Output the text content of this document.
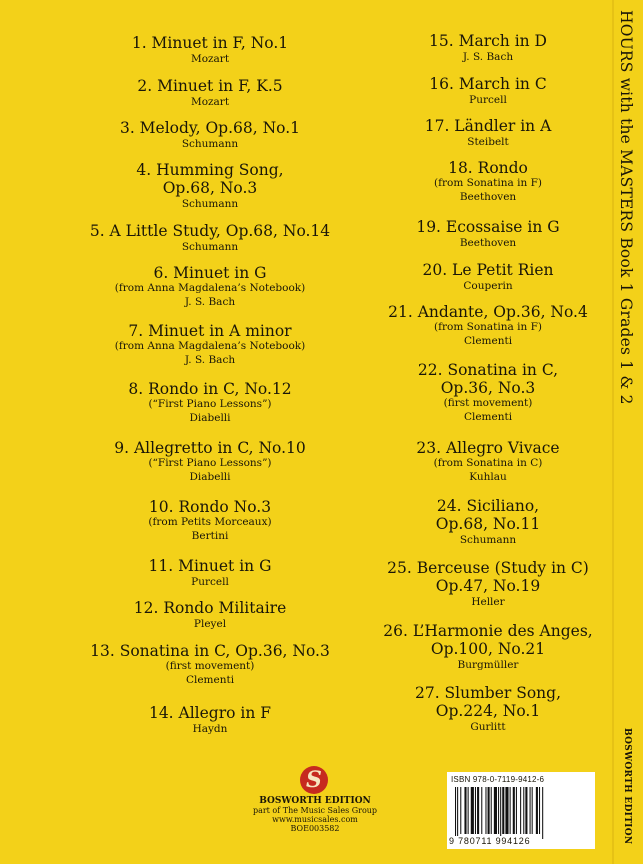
1. Minuet in F, No.1
Mozart
2. Minuet in F, K.5
Mozart
3. Melody, Op.68, No.1
Schumann
4. Humming Song,
Op.68, No.3
Schumann
5. A Little Study, Op.68, No.14
Schumann
6. Minuet in G
(from Anna Magdalena’s Notebook)
J. S. Bach
7. Minuet in A minor
(from Anna Magdalena’s Notebook)
J. S. Bach
8. Rondo in C, No.12
(“First Piano Lessons”)
Diabelli
9. Allegretto in C, No.10
(“First Piano Lessons”)
Diabelli
10. Rondo No.3
(from Petits Morceaux)
Bertini
11. Minuet in G
Purcell
12. Rondo Militaire
Pleyel
13. Sonatina in C, Op.36, No.3
(first movement)
Clementi
14. Allegro in F
Haydn
15. March in D
J. S. Bach
16. March in C
Purcell
17. Ländler in A
Steibelt
18. Rondo
(from Sonatina in F)
Beethoven
19. Ecossaise in G
Beethoven
20. Le Petit Rien
Couperin
21. Andante, Op.36, No.4
(from Sonatina in F)
Clementi
22. Sonatina in C,
Op.36, No.3
(first movement)
Clementi
23. Allegro Vivace
(from Sonatina in C)
Kuhlau
24. Siciliano,
Op.68, No.11
Schumann
25. Berceuse (Study in C)
Op.47, No.19
Heller
26. L’Harmonie des Anges,
Op.100, No.21
Burgmüller
27. Slumber Song,
Op.224, No.1
Gurlitt
HOURS with the MASTERS Book 1 Grades 1 & 2
BOSWORTH EDITION
S
BOSWORTH EDITION
part of The Music Sales Group
www.musicsales.com
BOE003582
ISBN 978-0-7119-9412-6
9 780711 994126
